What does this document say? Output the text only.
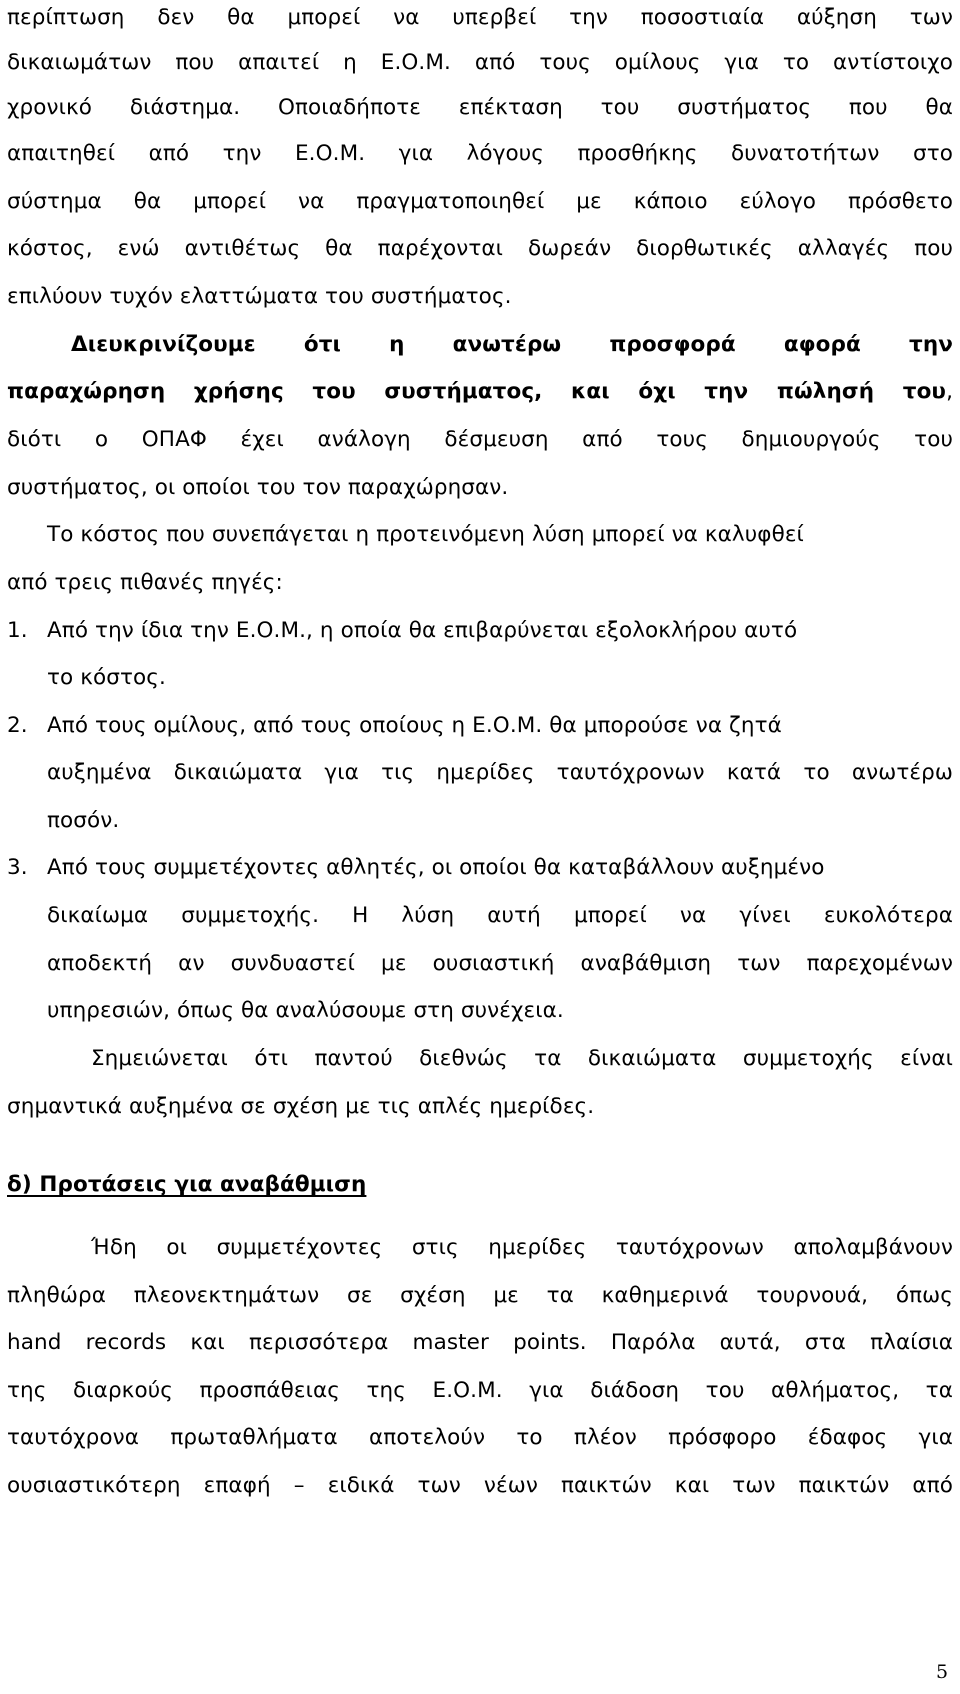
περίπτωση δεν θα μπορεί να υπερβεί την ποσοστιαία αύξηση των
δικαιωμάτων που απαιτεί η Ε.Ο.Μ. από τους ομίλους για το αντίστοιχο
χρονικό διάστημα. Οποιαδήποτε επέκταση του συστήματος που θα
απαιτηθεί από την Ε.Ο.Μ. για λόγους προσθήκης δυνατοτήτων στο
σύστημα θα μπορεί να πραγματοποιηθεί με κάποιο εύλογο πρόσθετο
κόστος, ενώ αντιθέτως θα παρέχονται δωρεάν διορθωτικές αλλαγές που
επιλύουν τυχόν ελαττώματα του συστήματος.
Διευκρινίζουμε ότι η ανωτέρω προσφορά αφορά την
παραχώρηση χρήσης του συστήματος, και όχι την πώλησή του,
διότι ο ΟΠΑΦ έχει ανάλογη δέσμευση από τους δημιουργούς του
συστήματος, οι οποίοι του τον παραχώρησαν.
Το κόστος που συνεπάγεται η προτεινόμενη λύση μπορεί να καλυφθεί
από τρεις πιθανές πηγές:
1. Από την ίδια την Ε.Ο.Μ., η οποία θα επιβαρύνεται εξολοκλήρου αυτό
το κόστος.
2. Από τους ομίλους, από τους οποίους η Ε.Ο.Μ. θα μπορούσε να ζητά
αυξημένα δικαιώματα για τις ημερίδες ταυτόχρονων κατά το ανωτέρω
ποσόν.
3. Από τους συμμετέχοντες αθλητές, οι οποίοι θα καταβάλλουν αυξημένο
δικαίωμα συμμετοχής. Η λύση αυτή μπορεί να γίνει ευκολότερα
αποδεκτή αν συνδυαστεί με ουσιαστική αναβάθμιση των παρεχομένων
υπηρεσιών, όπως θα αναλύσουμε στη συνέχεια.
Σημειώνεται ότι παντού διεθνώς τα δικαιώματα συμμετοχής είναι
σημαντικά αυξημένα σε σχέση με τις απλές ημερίδες.
δ) Προτάσεις για αναβάθμιση
Ήδη οι συμμετέχοντες στις ημερίδες ταυτόχρονων απολαμβάνουν
πληθώρα πλεονεκτημάτων σε σχέση με τα καθημερινά τουρνουά, όπως
hand records και περισσότερα master points. Παρόλα αυτά, στα πλαίσια
της διαρκούς προσπάθειας της Ε.Ο.Μ. για διάδοση του αθλήματος, τα
ταυτόχρονα πρωταθλήματα αποτελούν το πλέον πρόσφορο έδαφος για
ουσιαστικότερη επαφή – ειδικά των νέων παικτών και των παικτών από
5
